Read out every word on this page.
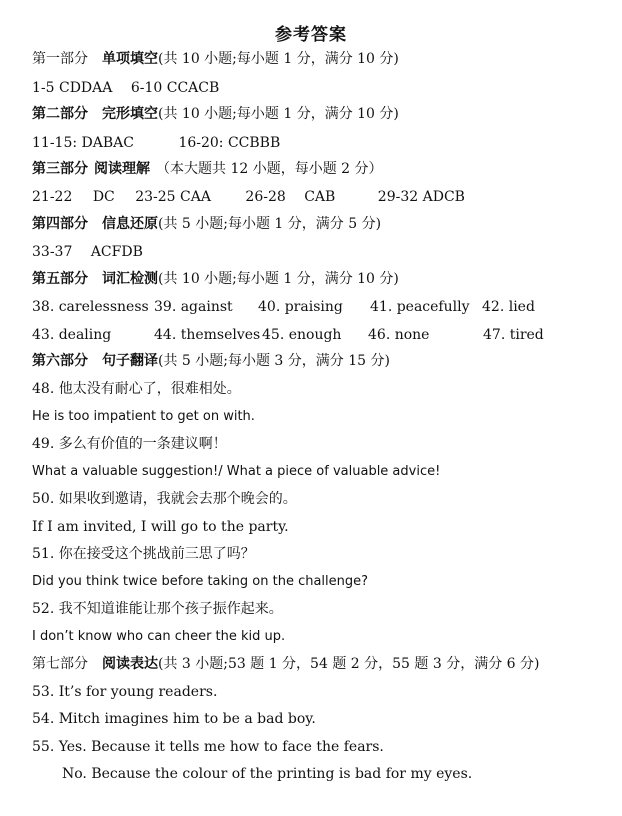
参考答案
第一部分 单项填空(共 10 小题;每小题 1 分，满分 10 分)
1-5 CDDAA 6-10 CCACB
第二部分 完形填空(共 10 小题;每小题 1 分，满分 10 分)
11-15: DABAC	16-20: CCBBB
第三部分 阅读理解 （本大题共 12 小题，每小题 2 分）
21-22 DC 23-25 CAA 26-28 CAB	29-32 ADCB
第四部分 信息还原(共 5 小题;每小题 1 分，满分 5 分)
33-37 ACFDB
第五部分 词汇检测(共 10 小题;每小题 1 分，满分 10 分)
38. carelessness 39. against 40. praising 41. peacefully 42. lied
43. dealing	44. themselves 45. enough 46. none	47. tired
第六部分 句子翻译(共 5 小题;每小题 3 分，满分 15 分)
48. 他太没有耐心了，很难相处。
He is too impatient to get on with.
49. 多么有价值的一条建议啊！
What a valuable suggestion!/ What a piece of valuable advice!
50. 如果收到邀请，我就会去那个晚会的。
If I am invited, I will go to the party.
51. 你在接受这个挑战前三思了吗？
Did you think twice before taking on the challenge?
52. 我不知道谁能让那个孩子振作起来。
I don’t know who can cheer the kid up.
第七部分 阅读表达(共 3 小题;53 题 1 分，54 题 2 分，55 题 3 分，满分 6 分)
53. It’s for young readers.
54. Mitch imagines him to be a bad boy.
55. Yes. Because it tells me how to face the fears.
No. Because the colour of the printing is bad for my eyes.
